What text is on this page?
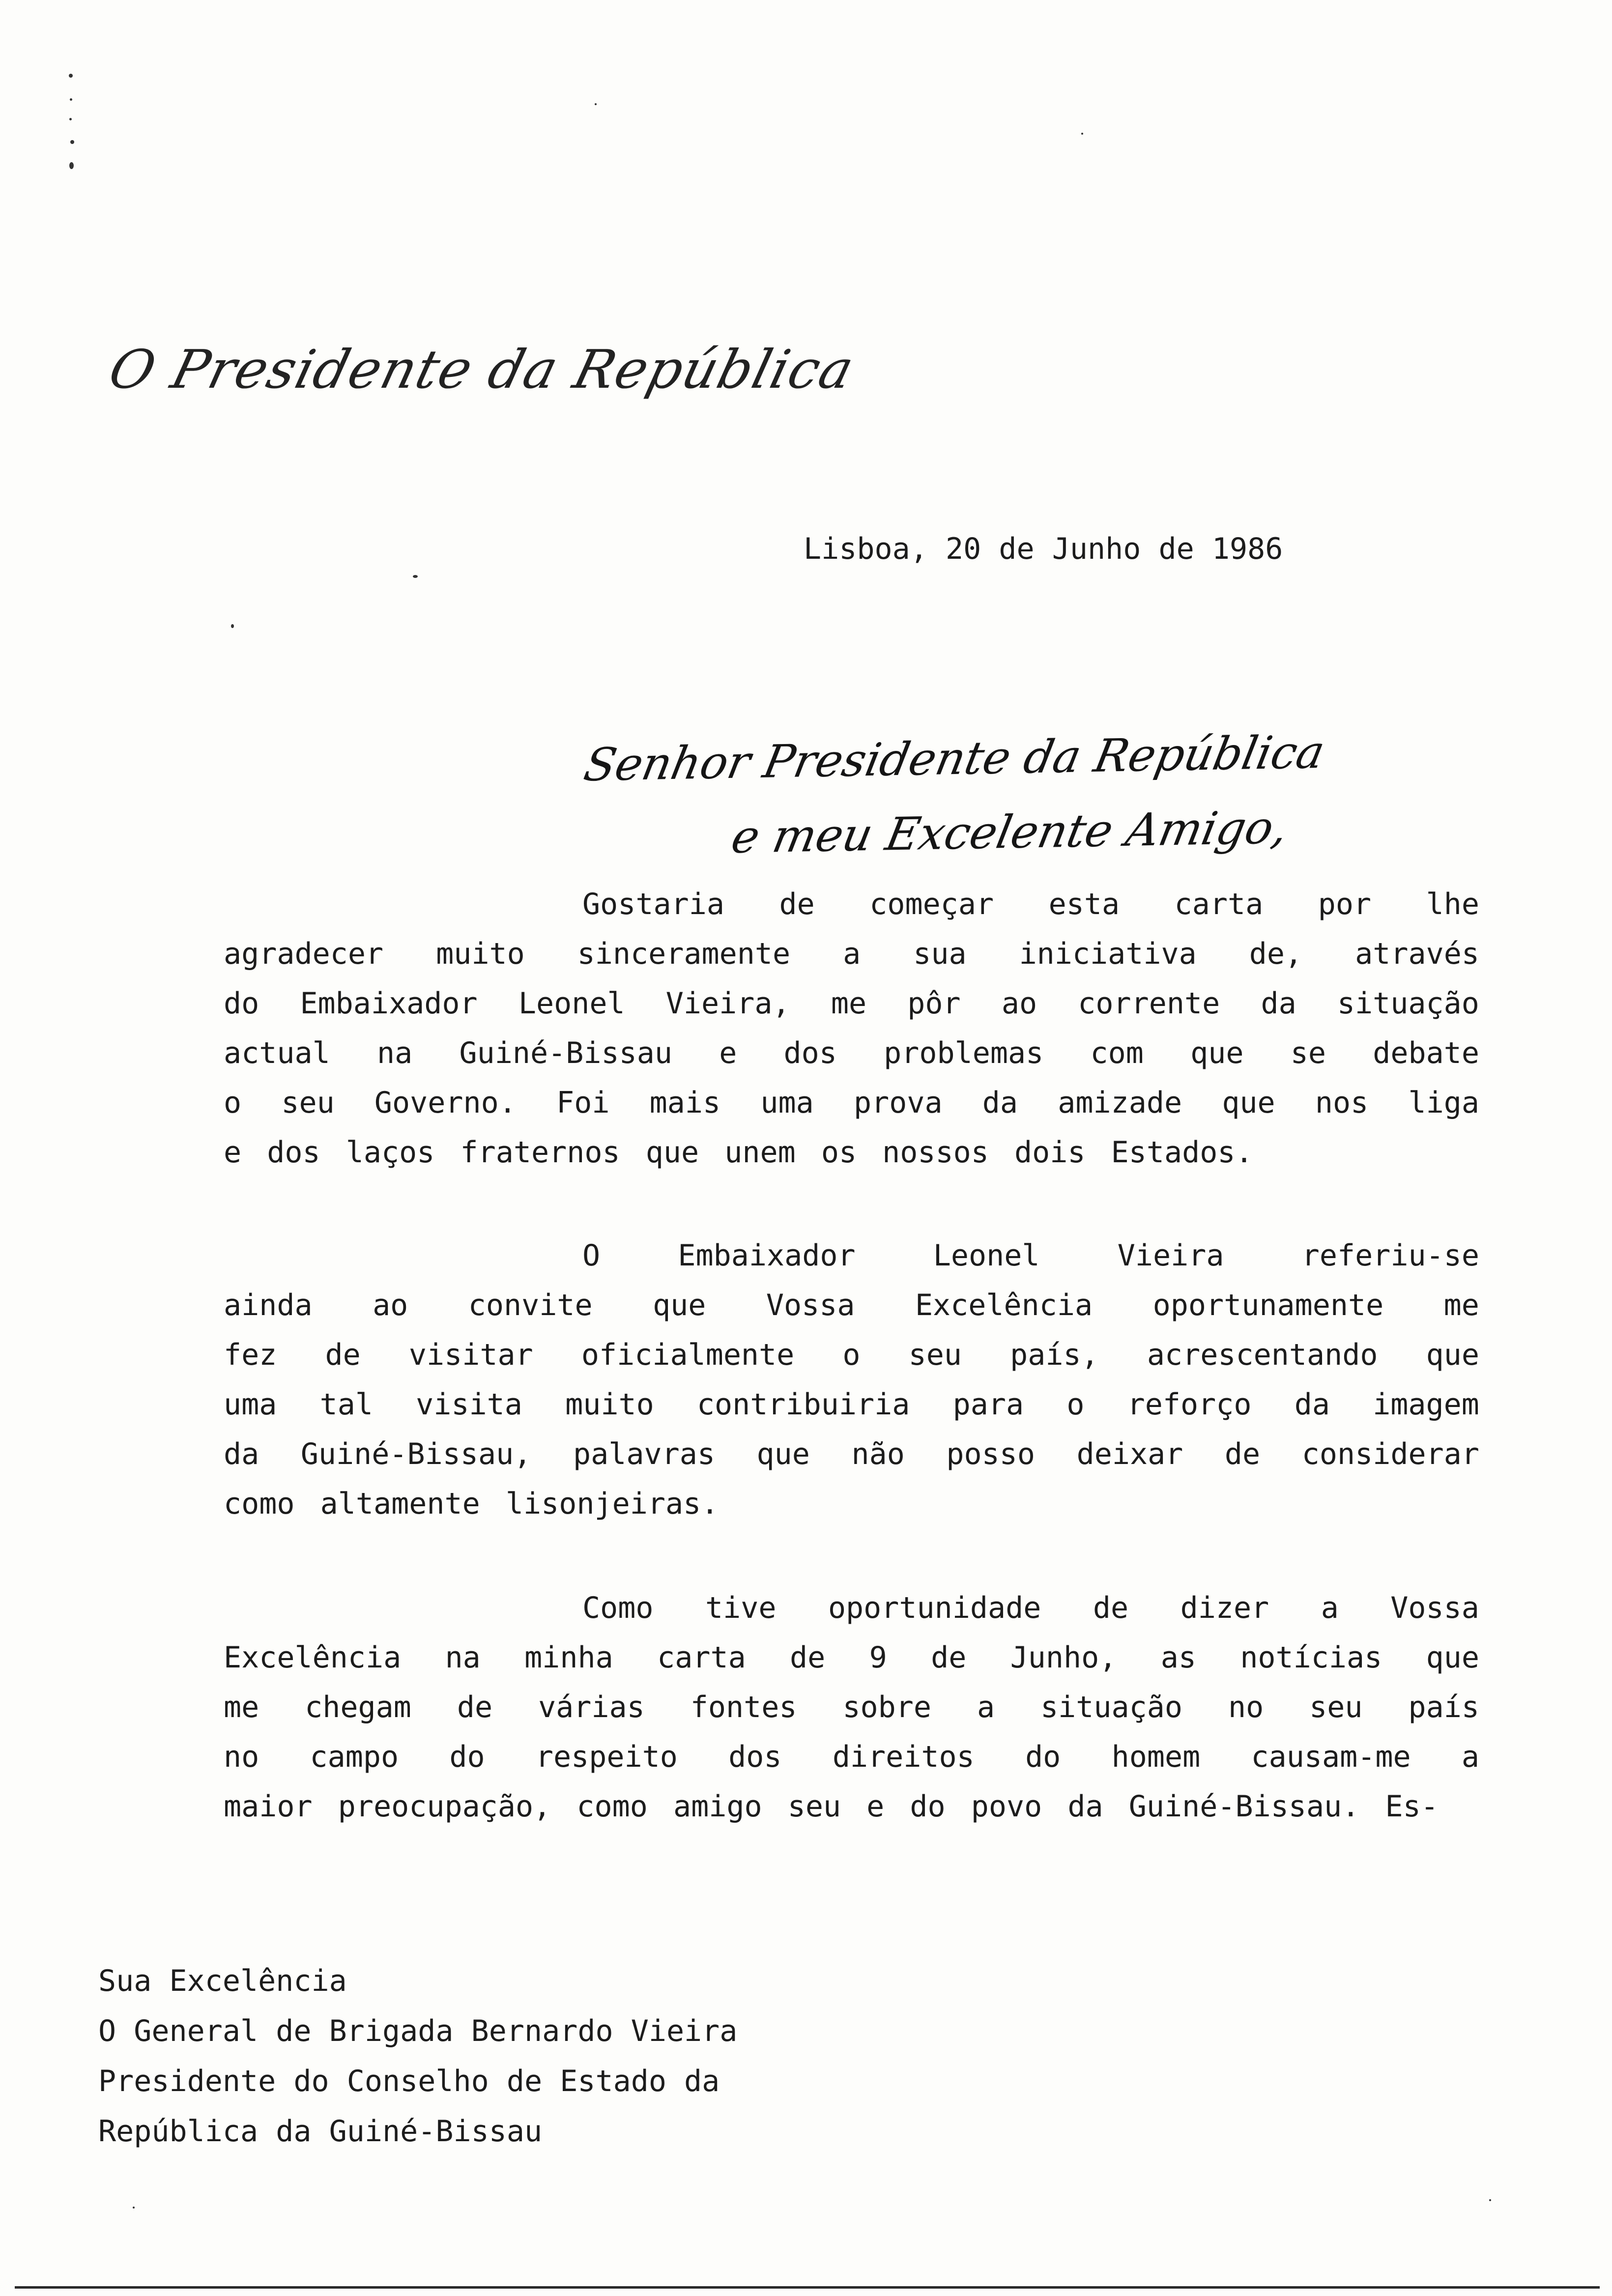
O Presidente da República
Lisboa, 20 de Junho de 1986
Senhor Presidente da República
e meu Excelente Amigo,
Gostaria de começar esta carta por lhe
agradecer muito sinceramente a sua iniciativa de, através
do Embaixador Leonel Vieira, me pôr ao corrente da situação
actual na Guiné-Bissau e dos problemas com que se debate
o seu Governo. Foi mais uma prova da amizade que nos liga
e dos laços fraternos que unem os nossos dois Estados.
O	Embaixador	Leonel	Vieira	referiu-se
ainda ao convite que Vossa Excelência oportunamente me
fez de visitar oficialmente o seu país, acrescentando que
uma tal visita muito contribuiria para o reforço da imagem
da Guiné-Bissau, palavras que não posso deixar de considerar
como altamente lisonjeiras.
Como tive oportunidade de dizer a Vossa
Excelência na minha carta de 9 de Junho, as notícias que
me chegam de várias fontes sobre a situação no seu país
no campo do respeito dos direitos do homem causam-me a
maior preocupação, como amigo seu e do povo da Guiné-Bissau. Es-
Sua Excelência
O General de Brigada Bernardo Vieira
Presidente do Conselho de Estado da
República da Guiné-Bissau
